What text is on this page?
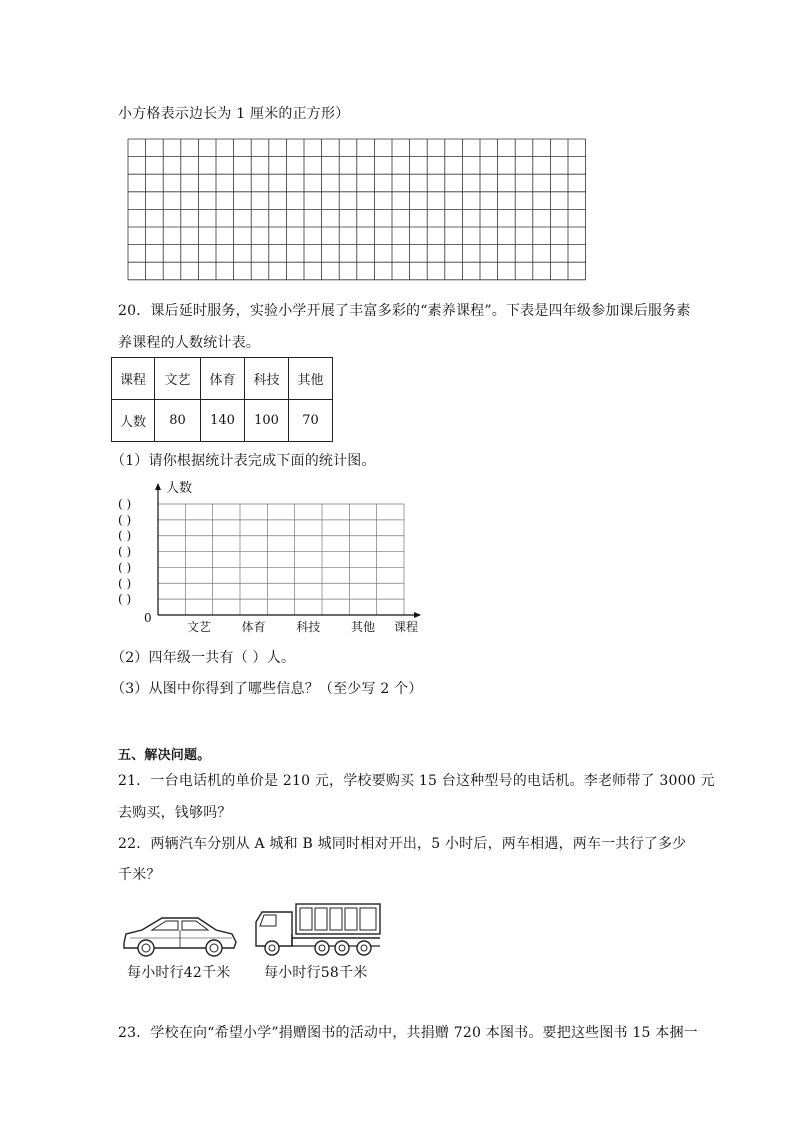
小方格表示边长为 1 厘米的正方形）
20．课后延时服务，实验小学开展了丰富多彩的“素养课程”。下表是四年级参加课后服务素
养课程的人数统计表。
课程	文艺	体育	科技	其他
人数	80	140	100	70
（1）请你根据统计表完成下面的统计图。
人数
0
( )
( )
( )
( )
( )
( )
( )
文艺	体育	科技	其他 课程
（2）四年级一共有（ ）人。
（3）从图中你得到了哪些信息？（至少写 2 个）
五、解决问题。
21．一台电话机的单价是 210 元，学校要购买 15 台这种型号的电话机。李老师带了 3000 元
去购买，钱够吗？
22．两辆汽车分别从 A 城和 B 城同时相对开出，5 小时后，两车相遇，两车一共行了多少
千米？
每小时行42千米 每小时行58千米
23．学校在向“希望小学”捐赠图书的活动中，共捐赠 720 本图书。要把这些图书 15 本捆一
